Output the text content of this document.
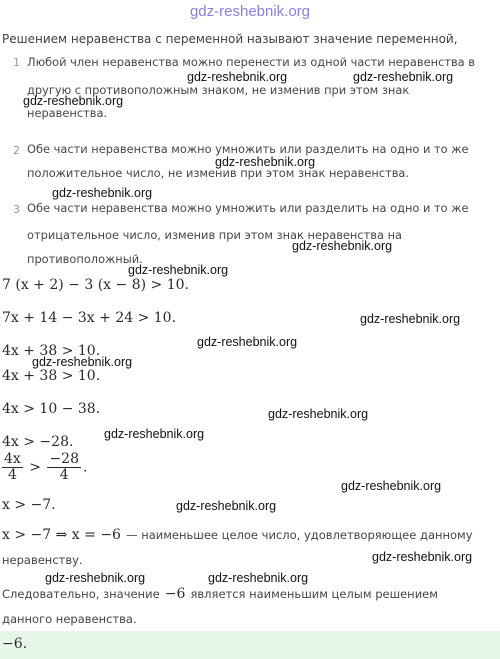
gdz-reshebnik.org
Решением неравенства с переменной называют значение переменной,
1 Любой член неравенства можно перенести из одной части неравенства в
другую с противоположным знаком, не изменив при этом знак
неравенства.
2 Обе части неравенства можно умножить или разделить на одно и то же
положительное число, не изменив при этом знак неравенства.
3 Обе части неравенства можно умножить или разделить на одно и то же
отрицательное число, изменив при этом знак неравенства на
противоположный.
7 (x + 2) − 3 (x − 8) > 10.
7x + 14 − 3x + 24 > 10.
4x + 38 > 10.
4x + 38 > 10.
4x > 10 − 38.
4x > −28.
$\frac{4x}{4} > \frac{-28}{4}$ .
x > −7.
x > −7 ⇒ x = −6 — наименьшее целое число, удовлетворяющее данному
неравенству.
Следовательно, значение −6 является наименьшим целым решением
данного неравенства.
−6.
gdz-reshebnik.org	gdz-reshebnik.org
gdz-reshebnik.org
gdz-reshebnik.org
gdz-reshebnik.org
gdz-reshebnik.org
gdz-reshebnik.org
gdz-reshebnik.org
gdz-reshebnik.org
gdz-reshebnik.org
gdz-reshebnik.org
gdz-reshebnik.org
gdz-reshebnik.org
gdz-reshebnik.org
gdz-reshebnik.org
gdz-reshebnik.org	gdz-reshebnik.org
